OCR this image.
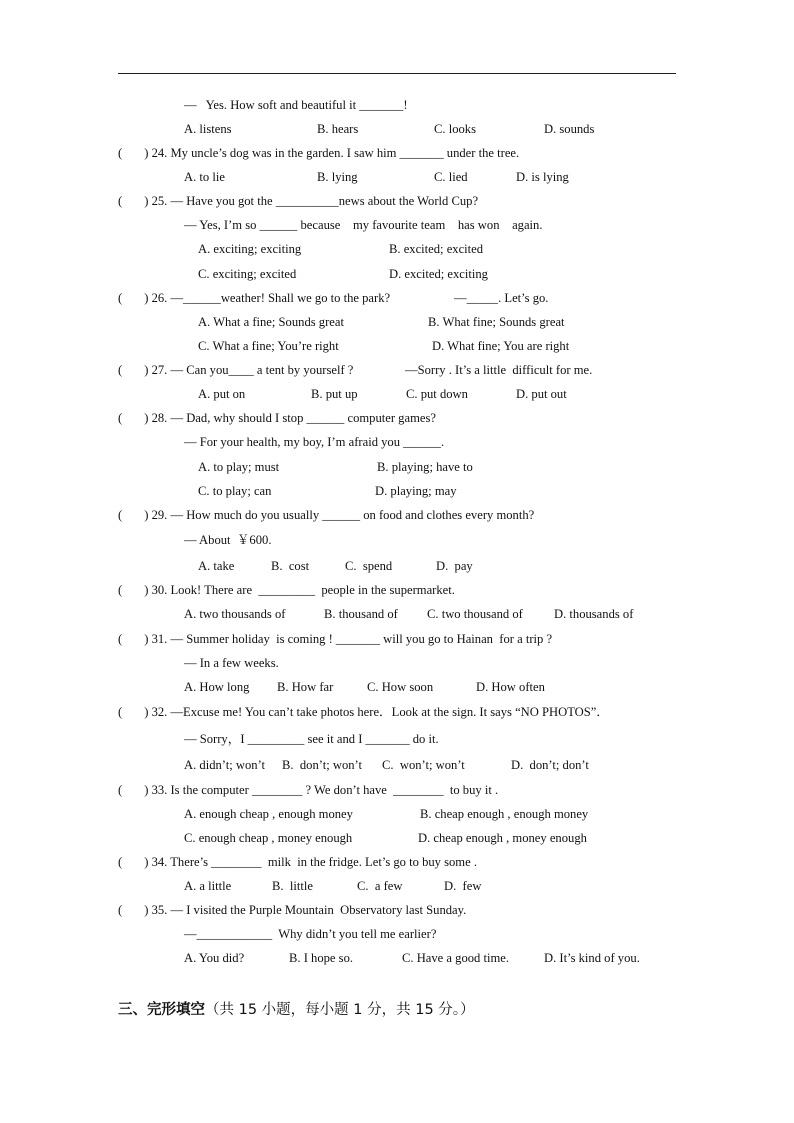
—   Yes. How soft and beautiful it _______!
A. listens	B. hears	C. looks	D. sounds
(       ) 24. My uncle’s dog was in the garden. I saw him _______ under the tree.
A. to lie	B. lying	C. lied	D. is lying
(       ) 25. — Have you got the __________news about the World Cup?
— Yes, I’m so ______ because    my favourite team    has won    again.
A. exciting; exciting	B. excited; excited
C. exciting; excited	D. excited; exciting
(       ) 26. —______weather! Shall we go to the park?	—_____. Let’s go.
A. What a fine; Sounds great	B. What fine; Sounds great
C. What a fine; You’re right	D. What fine; You are right
(       ) 27. — Can you____ a tent by yourself ?	—Sorry . It’s a little  difficult for me.
A. put on	B. put up	C. put down	D. put out
(       ) 28. — Dad, why should I stop ______ computer games?
— For your health, my boy, I’m afraid you ______.
A. to play; must	B. playing; have to
C. to play; can	D. playing; may
(       ) 29. — How much do you usually ______ on food and clothes every month?
— About  ￥600.
A. take	B.  cost	C.  spend	D.  pay
(       ) 30. Look! There are  _________  people in the supermarket.
A. two thousands of	B. thousand of C. two thousand of D. thousands of
(       ) 31. — Summer holiday  is coming ! _______ will you go to Hainan  for a trip ?
— In a few weeks.
A. How long B. How far	C. How soon	D. How often
(       ) 32. —Excuse me! You can’t take photos here．Look at the sign. It says “NO PHOTOS”．
— Sorry，I _________ see it and I _______ do it.
A. didn’t; won’t B.  don’t; won’t C.  won’t; won’t	D.  don’t; don’t
(       ) 33. Is the computer ________ ? We don’t have  ________  to buy it .
A. enough cheap , enough money	B. cheap enough , enough money
C. enough cheap , money enough	D. cheap enough , money enough
(       ) 34. There’s ________  milk  in the fridge. Let’s go to buy some .
A. a little	B.  little	C.  a few	D.  few
(       ) 35. — I visited the Purple Mountain  Observatory last Sunday.
—____________  Why didn’t you tell me earlier?
A. You did?	B. I hope so.	C. Have a good time.	D. It’s kind of you.
三、完形填空（共 15 小题，每小题 1 分，共 15 分。）
